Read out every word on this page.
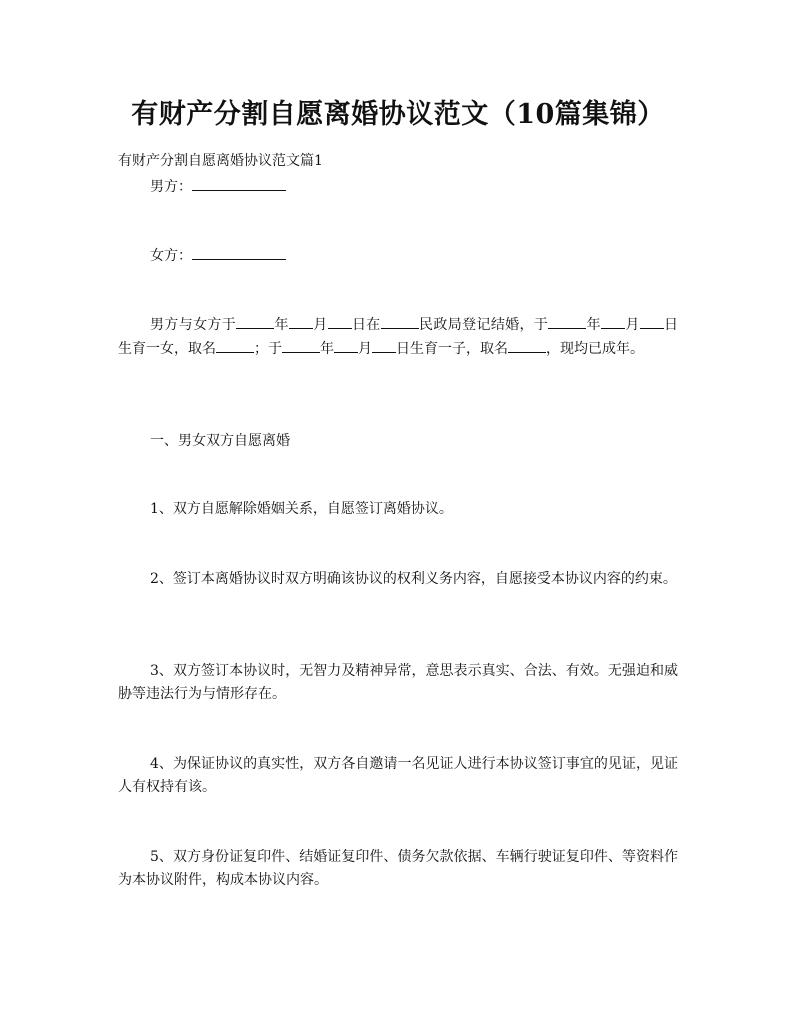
有财产分割自愿离婚协议范文（10篇集锦）

有财产分割自愿离婚协议范文篇1

男方：

女方：

男方与女方于	年 月 日在	民政局登记结婚，于	年 月 日生育一女，取名	；于	年 月 日生育一子，取名	，现均已成年。

一、男女双方自愿离婚

1、双方自愿解除婚姻关系，自愿签订离婚协议。

2、签订本离婚协议时双方明确该协议的权利义务内容，自愿接受本协议内容的约束。

3、双方签订本协议时，无智力及精神异常，意思表示真实、合法、有效。无强迫和威胁等违法行为与情形存在。

4、为保证协议的真实性，双方各自邀请一名见证人进行本协议签订事宜的见证，见证人有权持有该。

5、双方身份证复印件、结婚证复印件、债务欠款依据、车辆行驶证复印件、等资料作为本协议附件，构成本协议内容。
